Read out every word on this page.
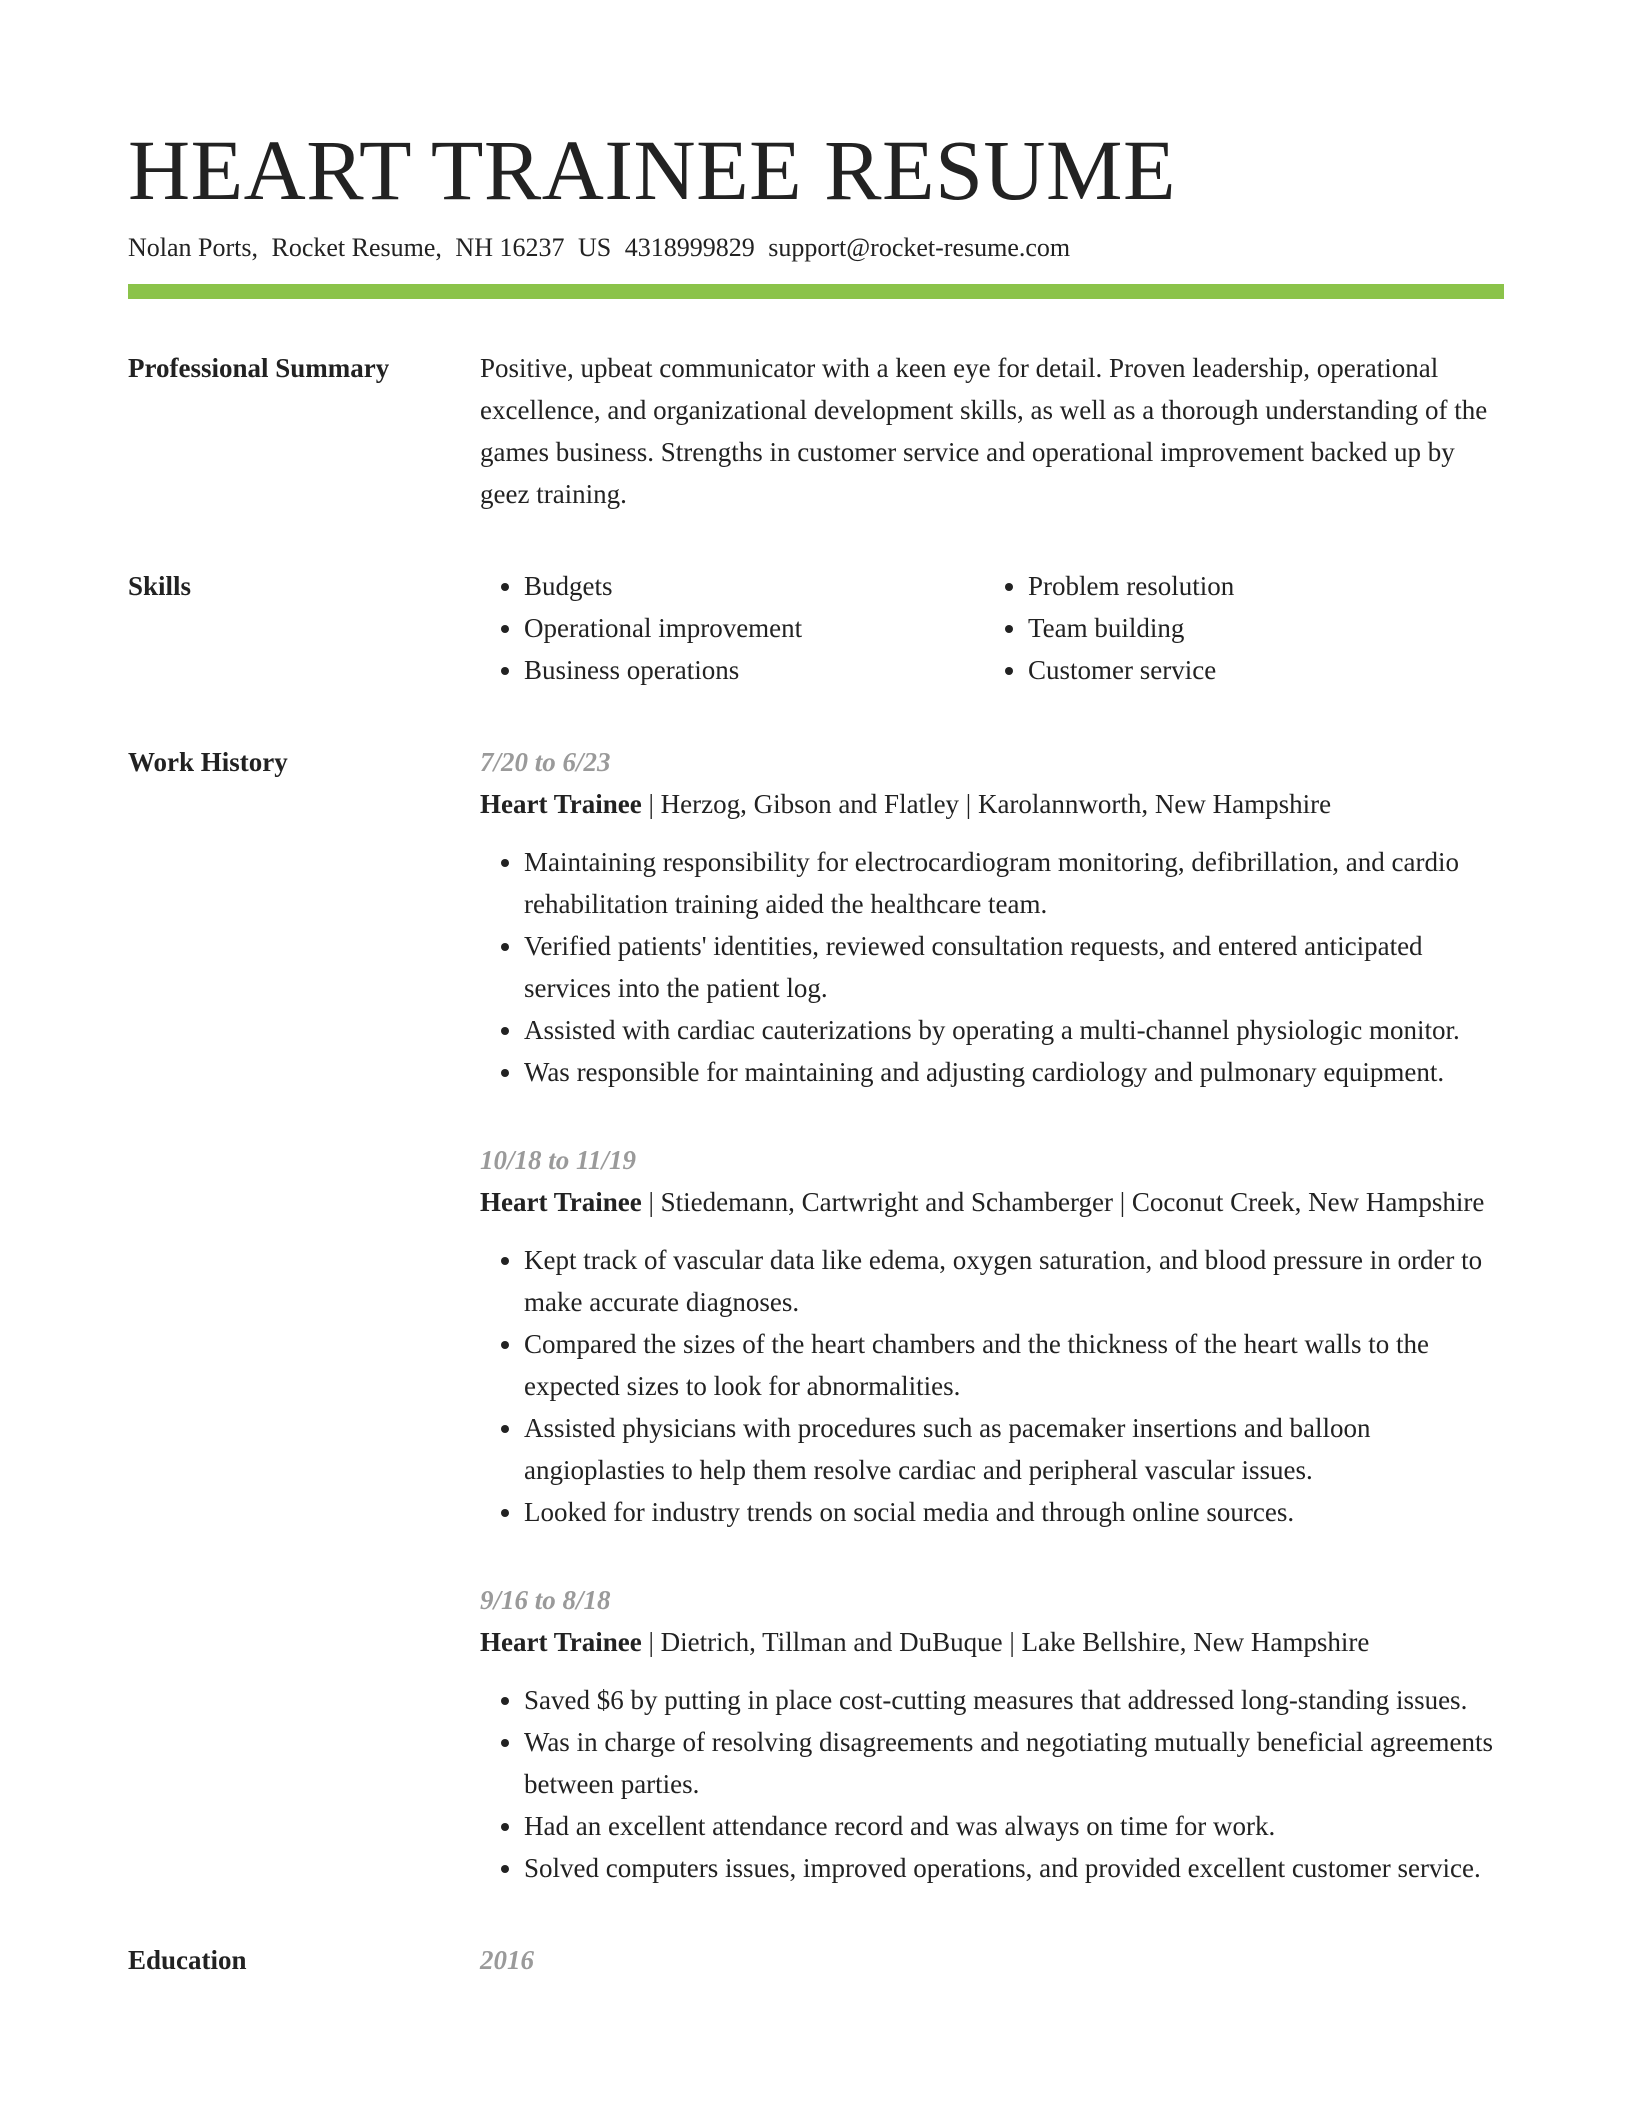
HEART TRAINEE RESUME
Nolan Ports, Rocket Resume, NH 16237 US 4318999829 support@rocket-resume.com
Professional Summary	Positive, upbeat communicator with a keen eye for detail. Proven leadership, operational excellence, and organizational development skills, as well as a thorough understanding of the games business. Strengths in customer service and operational improvement backed up by geez training.

Skills
•	Budgets
• Operational improvement
• Business operations
• Problem resolution
• Team building
• Customer service
Work History	7/20 to 6/23
Heart Trainee | Herzog, Gibson and Flatley | Karolannworth, New Hampshire
• Maintaining responsibility for electrocardiogram monitoring, defibrillation, and cardio rehabilitation training aided the healthcare team.
• Verified patients' identities, reviewed consultation requests, and entered anticipated services into the patient log.
• Assisted with cardiac cauterizations by operating a multi-channel physiologic monitor.
• Was responsible for maintaining and adjusting cardiology and pulmonary equipment.
10/18 to 11/19
Heart Trainee | Stiedemann, Cartwright and Schamberger | Coconut Creek, New Hampshire
• Kept track of vascular data like edema, oxygen saturation, and blood pressure in order to make accurate diagnoses.
• Compared the sizes of the heart chambers and the thickness of the heart walls to the expected sizes to look for abnormalities.
• Assisted physicians with procedures such as pacemaker insertions and balloon angioplasties to help them resolve cardiac and peripheral vascular issues.
• Looked for industry trends on social media and through online sources.
9/16 to 8/18
Heart Trainee | Dietrich, Tillman and DuBuque | Lake Bellshire, New Hampshire
• Saved $6 by putting in place cost-cutting measures that addressed long-standing issues.
• Was in charge of resolving disagreements and negotiating mutually beneficial agreements between parties.
• Had an excellent attendance record and was always on time for work.
• Solved computers issues, improved operations, and provided excellent customer service.
Education	2016
